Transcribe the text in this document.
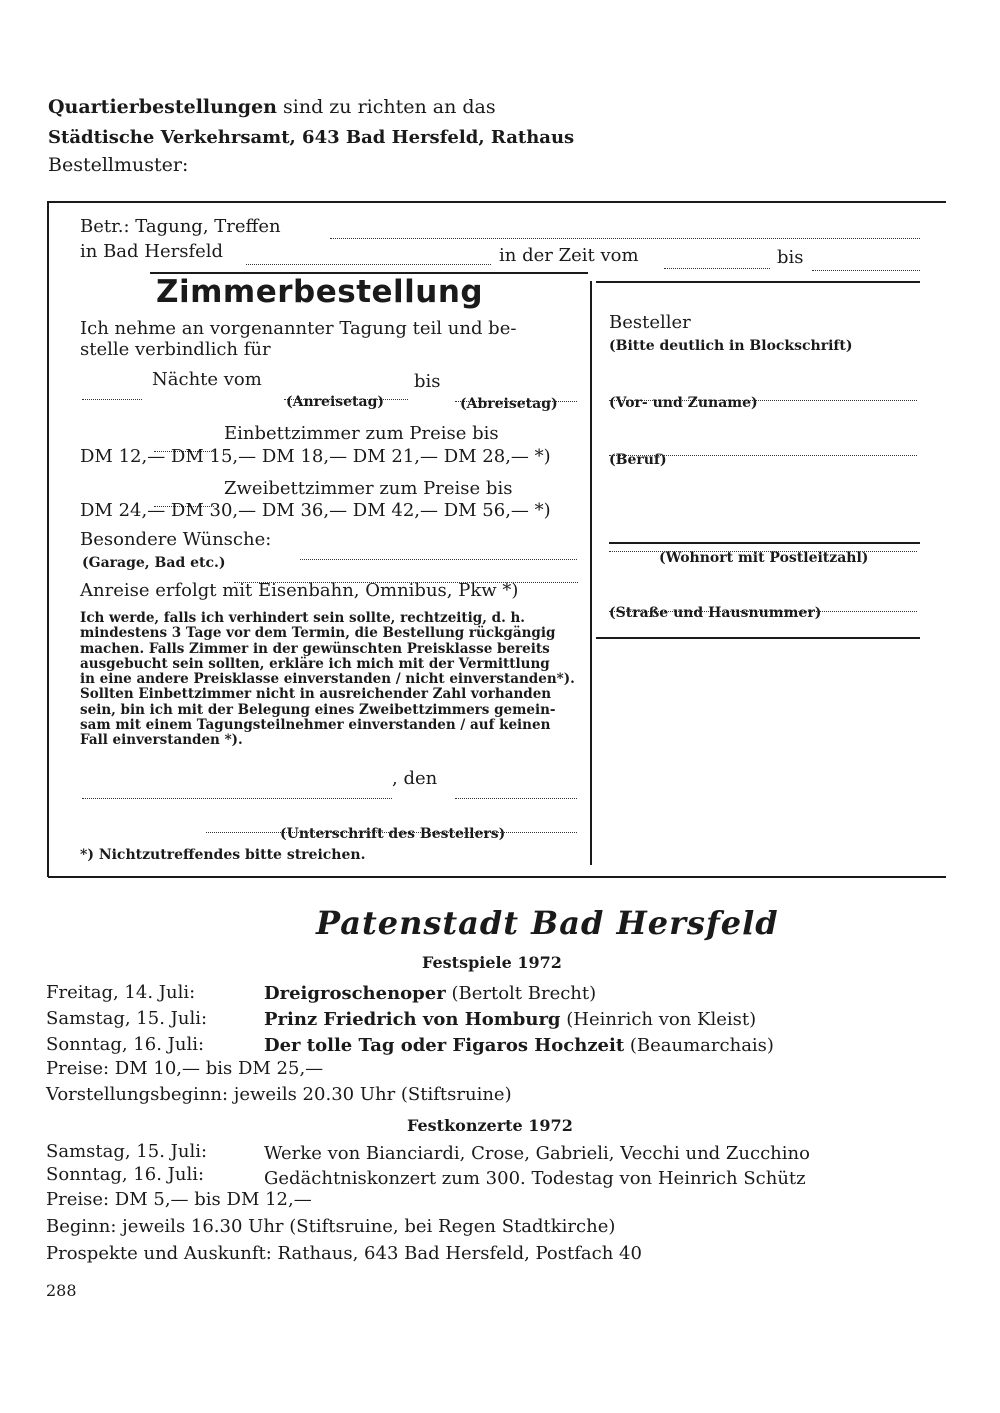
Quartierbestellungen sind zu richten an das
Städtische Verkehrsamt, 643 Bad Hersfeld, Rathaus
Bestellmuster:
Betr.: Tagung, Treffen
in Bad Hersfeld	in der Zeit vom	bis
Zimmerbestellung
Ich nehme an vorgenannter Tagung teil und be-
stelle verbindlich für
Nächte vom	bis
(Anreisetag)	(Abreisetag)
Einbettzimmer zum Preise bis
DM 12,— DM 15,— DM 18,— DM 21,— DM 28,— *)
Zweibettzimmer zum Preise bis
DM 24,— DM 30,— DM 36,— DM 42,— DM 56,— *)
Besondere Wünsche:
(Garage, Bad etc.)
Anreise erfolgt mit Eisenbahn, Omnibus, Pkw *)

Ich werde, falls ich verhindert sein sollte, rechtzeitig, d. h.

mindestens 3 Tage vor dem Termin, die Bestellung rückgängig

machen. Falls Zimmer in der gewünschten Preisklasse bereits

ausgebucht sein sollten, erkläre ich mich mit der Vermittlung

in eine andere Preisklasse einverstanden / nicht einverstanden*).

Sollten Einbettzimmer nicht in ausreichender Zahl vorhanden

sein, bin ich mit der Belegung eines Zweibettzimmers gemein-

sam mit einem Tagungsteilnehmer einverstanden / auf keinen

Fall einverstanden *).

, den
(Unterschrift des Bestellers)
*) Nichtzutreffendes bitte streichen.
Besteller
(Bitte deutlich in Blockschrift)
(Vor- und Zuname)
(Beruf)
(Wohnort mit Postleitzahl)
(Straße und Hausnummer)
Patenstadt Bad Hersfeld
Festspiele 1972
Freitag, 14. Juli:	Dreigroschenoper (Bertolt Brecht)
Samstag, 15. Juli:	Prinz Friedrich von Homburg (Heinrich von Kleist)
Sonntag, 16. Juli:	Der tolle Tag oder Figaros Hochzeit (Beaumarchais)
Preise: DM 10,— bis DM 25,—
Vorstellungsbeginn: jeweils 20.30 Uhr (Stiftsruine)
Festkonzerte 1972
Samstag, 15. Juli:	Werke von Bianciardi, Crose, Gabrieli, Vecchi und Zucchino
Sonntag, 16. Juli:	Gedächtniskonzert zum 300. Todestag von Heinrich Schütz
Preise: DM 5,— bis DM 12,—
Beginn: jeweils 16.30 Uhr (Stiftsruine, bei Regen Stadtkirche)
Prospekte und Auskunft: Rathaus, 643 Bad Hersfeld, Postfach 40
288
